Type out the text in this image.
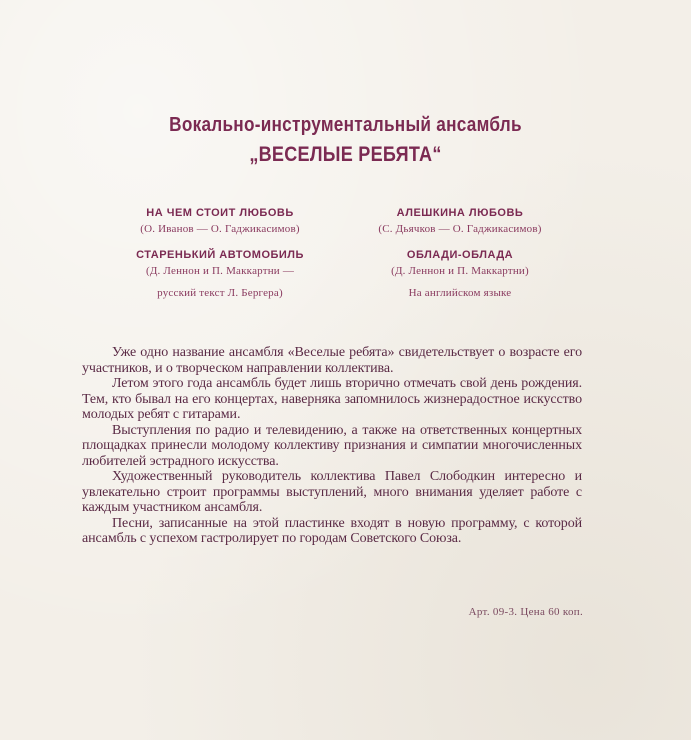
Вокально-инструментальный ансамбль
„ВЕСЕЛЫЕ РЕБЯТА“
НА ЧЕМ СТОИТ ЛЮБОВЬ
(О. Иванов — О. Гаджикасимов)
АЛЕШКИНА ЛЮБОВЬ
(С. Дьячков — О. Гаджикасимов)
СТАРЕНЬКИЙ АВТОМОБИЛЬ
(Д. Леннон и П. Маккартни —
русский текст Л. Бергера)
ОБЛАДИ-ОБЛАДА
(Д. Леннон и П. Маккартни)
На английском языке

Уже одно название ансамбля «Веселые ребята» свидетельствует о возрасте его участников, и о творческом направлении коллектива.

Летом этого года ансамбль будет лишь вторично отмечать свой день рождения. Тем, кто бывал на его концертах, наверняка запомнилось жизнерадостное искусство молодых ребят с гитарами.

Выступления по радио и телевидению, а также на ответственных концертных площадках принесли молодому коллективу признания и симпатии многочисленных любителей эстрадного искусства.

Художественный руководитель коллектива Павел Слободкин интересно и увлекательно строит программы выступлений, много внимания уделяет работе с каждым участником ансамбля.

Песни, записанные на этой пластинке входят в новую программу, с которой ансамбль с успехом гастролирует по городам Советского Союза.

Арт. 09-3. Цена 60 коп.
